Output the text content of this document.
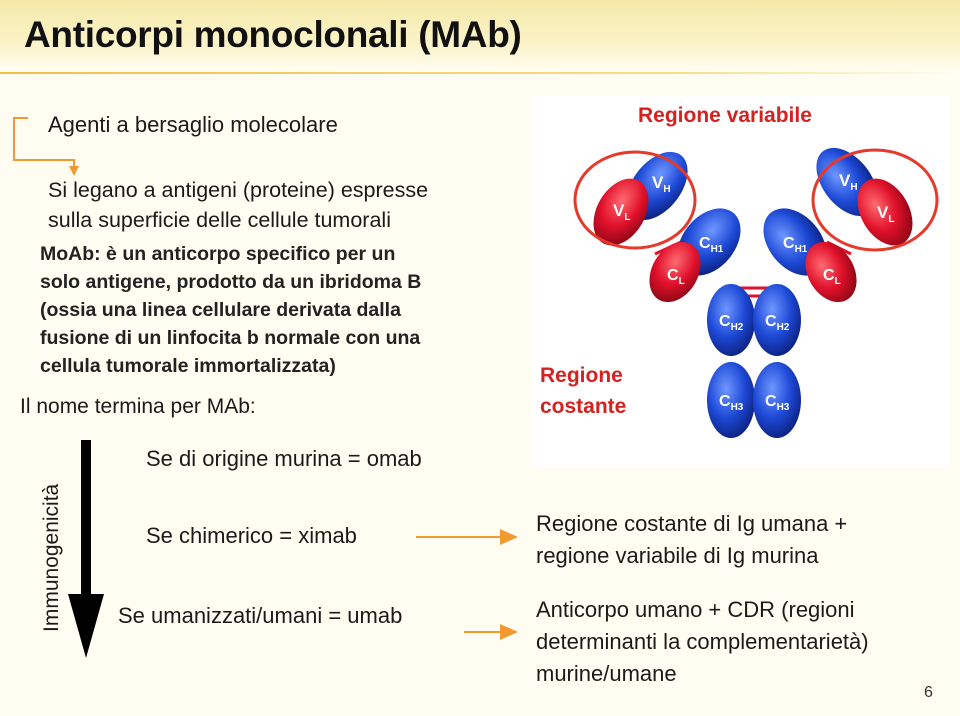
Anticorpi monoclonali (MAb)
Agenti a bersaglio molecolare
Si legano a antigeni (proteine) espresse
sulla superficie delle cellule tumorali
MoAb: è un anticorpo specifico per un
solo antigene, prodotto da un ibridoma B
(ossia una linea cellulare derivata dalla
fusione di un linfocita b normale con una
cellula tumorale immortalizzata)
Il nome termina per MAb:
Se di origine murina = omab
Se chimerico = ximab
Se umanizzati/umani = umab
Immunogenicità
$V_H$
$V_L$
$C_{H1}$
$C_L$
$V_H$
$V_L$
$C_{H1}$
$C_L$
$C_{H2}$ $C_{H2}$
$C_{H3}$ $C_{H3}$
Regione variabile
Regione
costante
Regione costante di Ig umana +
regione variabile di Ig murina
Anticorpo umano + CDR (regioni
determinanti la complementarietà)
murine/umane
6
